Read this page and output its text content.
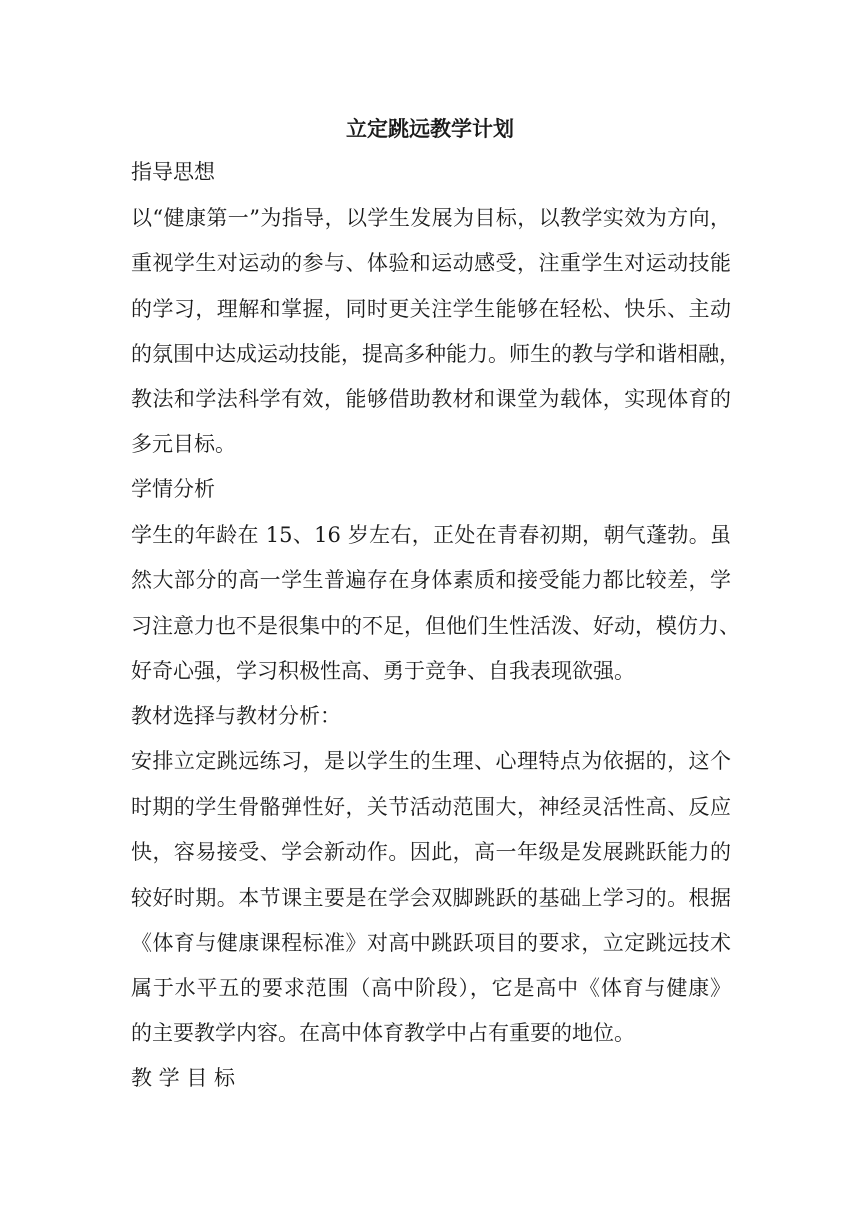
立定跳远教学计划
指导思想
以“健康第一”为指导，以学生发展为目标，以教学实效为方向，
重视学生对运动的参与、体验和运动感受，注重学生对运动技能
的学习，理解和掌握，同时更关注学生能够在轻松、快乐、主动
的氛围中达成运动技能，提高多种能力。师生的教与学和谐相融，
教法和学法科学有效，能够借助教材和课堂为载体，实现体育的
多元目标。
学情分析
学生的年龄在 15、16 岁左右，正处在青春初期，朝气蓬勃。虽
然大部分的高一学生普遍存在身体素质和接受能力都比较差，学
习注意力也不是很集中的不足，但他们生性活泼、好动，模仿力、
好奇心强，学习积极性高、勇于竞争、自我表现欲强。
教材选择与教材分析：
安排立定跳远练习，是以学生的生理、心理特点为依据的，这个
时期的学生骨骼弹性好，关节活动范围大，神经灵活性高、反应
快，容易接受、学会新动作。因此，高一年级是发展跳跃能力的
较好时期。本节课主要是在学会双脚跳跃的基础上学习的。根据
《体育与健康课程标准》对高中跳跃项目的要求，立定跳远技术
属于水平五的要求范围（高中阶段），它是高中《体育与健康》
的主要教学内容。在高中体育教学中占有重要的地位。
教 学 目 标
